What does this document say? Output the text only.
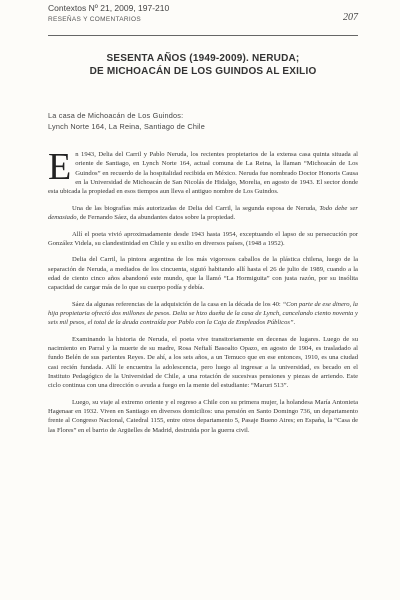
Contextos Nº 21, 2009, 197-210
RESEÑAS Y COMENTARIOS	207
SESENTA AÑOS (1949-2009). NERUDA;
DE MICHOACÁN DE LOS GUINDOS AL EXILIO
La casa de Michoacán de Los Guindos:
Lynch Norte 164, La Reina, Santiago de Chile

En 1943, Delia del Carril y Pablo Neruda, los recientes propietarios de la extensa casa quinta situada al oriente de Santiago, en Lynch Norte 164, actual comuna de La Reina, la llaman “Michoacán de Los Guindos” en recuerdo de la hospitalidad recibida en México. Neruda fue nombrado Doctor Honoris Causa en la Universidad de Michoacán de San Nicolás de Hidalgo, Morelia, en agosto de 1943. El sector donde esta ubicada la propiedad en esos tiempos aun lleva el antiguo nombre de Los Guindos.

Una de las biografías más autorizadas de Delia del Carril, la segunda esposa de Neruda, Todo debe ser demasiado, de Fernando Sáez, da abundantes datos sobre la propiedad.

Allí el poeta vivió aproximadamente desde 1943 hasta 1954, exceptuando el lapso de su persecución por González Videla, su clandestinidad en Chile y su exilio en diversos países, (1948 a 1952).

Delia del Carril, la pintora argentina de los más vigorosos caballos de la plástica chilena, luego de la separación de Neruda, a mediados de los cincuenta, siguió habitando allí hasta el 26 de julio de 1989, cuando a la edad de ciento cinco años abandonó este mundo, que la llamó “La Hormiguita” con justa razón, por su insólita capacidad de cargar más de lo que su cuerpo podía y debía.

Sáez da algunas referencias de la adquisición de la casa en la década de los 40: “Con parte de ese dinero, la hija propietaria ofreció dos millones de pesos. Delia se hizo dueña de la casa de Lynch, cancelando ciento noventa y seis mil pesos, el total de la deuda contraída por Pablo con la Caja de Empleados Públicos”.

Examinando la historia de Neruda, el poeta vive transitoriamente en decenas de lugares. Luego de su nacimiento en Parral y la muerte de su madre, Rosa Neftalí Basoalto Opazo, en agosto de 1904, es trasladado al fundo Belén de sus parientes Reyes. De ahí, a los seis años, a un Temuco que en ese entonces, 1910, es una ciudad casi recién fundada. Allí le encuentra la adolescencia, pero luego al ingresar a la universidad, es becado en el Instituto Pedagógico de la Universidad de Chile, a una rotación de sucesivas pensiones y piezas de arriendo. Este ciclo continua con una dirección o avuda a fuego en la mente del estudiante: “Maruri 513”.

Luego, su viaje al extremo oriente y el regreso a Chile con su primera mujer, la holandesa María Antonieta Hagenaar en 1932. Viven en Santiago en diversos domicilios: una pensión en Santo Domingo 736, un departamento frente al Congreso Nacional, Catedral 1155, entre otros departamento 5, Pasaje Bueno Aires; en España, la “Casa de las Flores” en el barrio de Argüelles de Madrid, destruida por la guerra civil.
